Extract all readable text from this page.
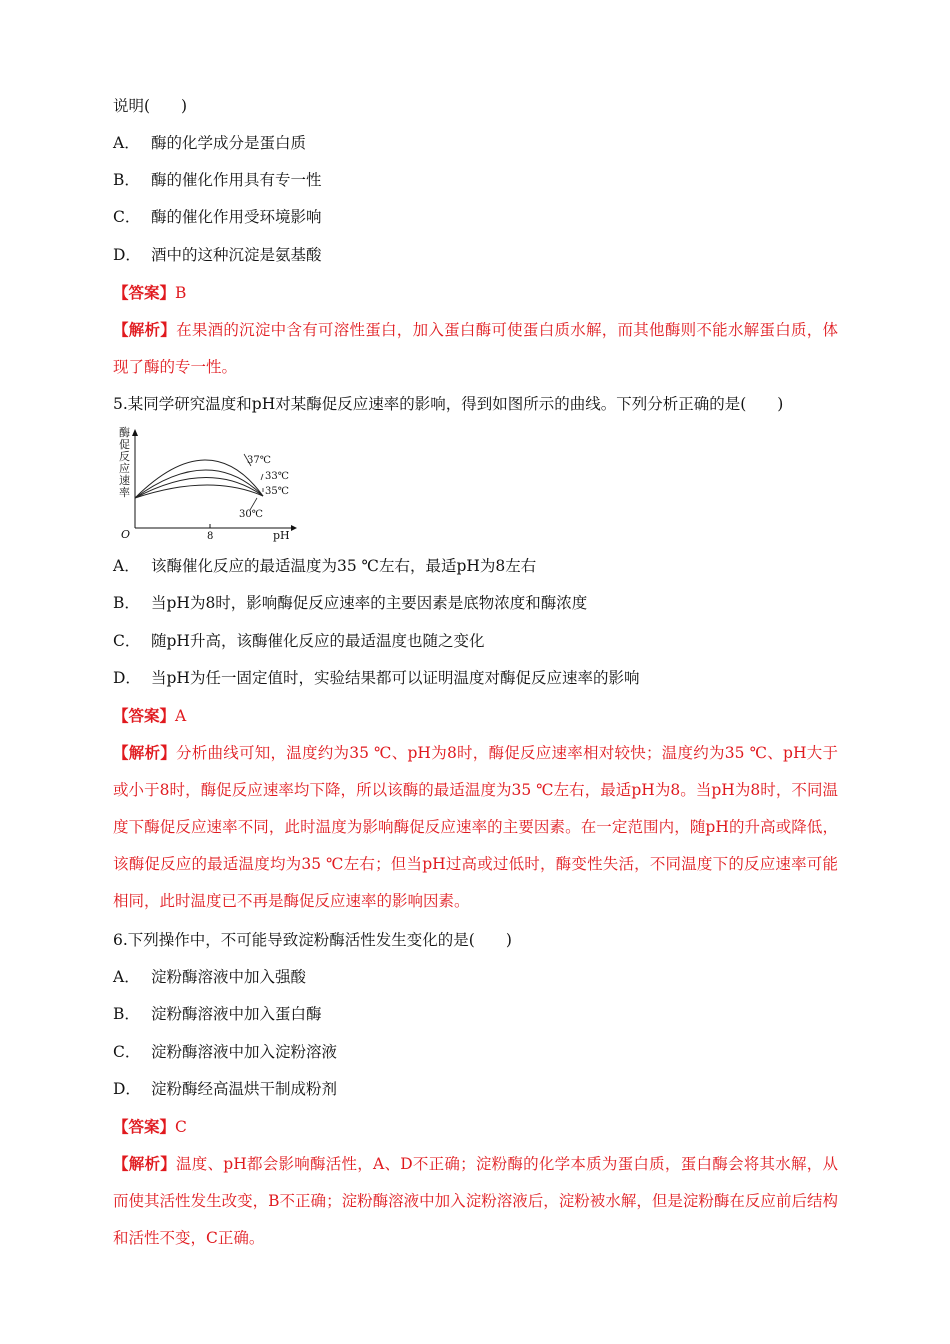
说明(　　)
A． 酶的化学成分是蛋白质
B． 酶的催化作用具有专一性
C． 酶的催化作用受环境影响
D． 酒中的这种沉淀是氨基酸
【答案】B
【解析】在果酒的沉淀中含有可溶性蛋白，加入蛋白酶可使蛋白质水解，而其他酶则不能水解蛋白质，体现了酶的专一性。
5.某同学研究温度和pH对某酶促反应速率的影响，得到如图所示的曲线。下列分析正确的是(　　)
酶
促
反
应
速
率
O	8	pH
37℃
33℃
35℃
30℃
A． 该酶催化反应的最适温度为35 ℃左右，最适pH为8左右
B． 当pH为8时，影响酶促反应速率的主要因素是底物浓度和酶浓度
C． 随pH升高，该酶催化反应的最适温度也随之变化
D． 当pH为任一固定值时，实验结果都可以证明温度对酶促反应速率的影响
【答案】A
【解析】分析曲线可知，温度约为35 ℃、pH为8时，酶促反应速率相对较快；温度约为35 ℃、pH大于或小于8时，酶促反应速率均下降，所以该酶的最适温度为35 ℃左右，最适pH为8。当pH为8时，不同温度下酶促反应速率不同，此时温度为影响酶促反应速率的主要因素。在一定范围内，随pH的升高或降低，该酶促反应的最适温度均为35 ℃左右；但当pH过高或过低时，酶变性失活，不同温度下的反应速率可能相同，此时温度已不再是酶促反应速率的影响因素。
6.下列操作中，不可能导致淀粉酶活性发生变化的是(　　)
A． 淀粉酶溶液中加入强酸
B． 淀粉酶溶液中加入蛋白酶
C． 淀粉酶溶液中加入淀粉溶液
D． 淀粉酶经高温烘干制成粉剂
【答案】C
【解析】温度、pH都会影响酶活性，A、D不正确；淀粉酶的化学本质为蛋白质，蛋白酶会将其水解，从而使其活性发生改变，B不正确；淀粉酶溶液中加入淀粉溶液后，淀粉被水解，但是淀粉酶在反应前后结构和活性不变，C正确。
